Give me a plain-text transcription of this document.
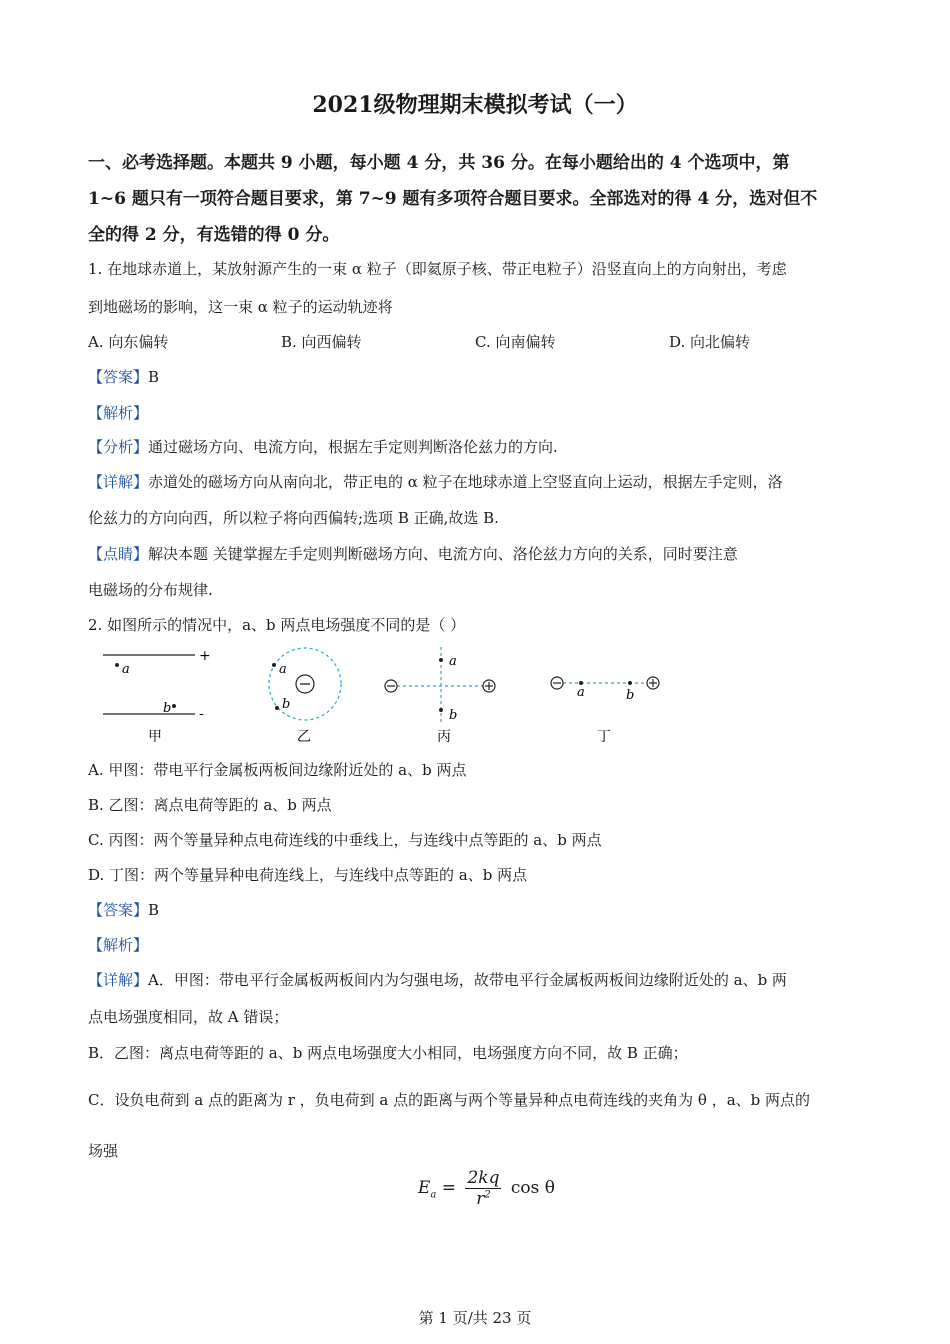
2021级物理期末模拟考试（一）
一、必考选择题。本题共 9 小题，每小题 4 分，共 36 分。在每小题给出的 4 个选项中，第
1~6 题只有一项符合题目要求，第 7~9 题有多项符合题目要求。全部选对的得 4 分，选对但不
全的得 2 分，有选错的得 0 分。
1. 在地球赤道上，某放射源产生的一束 α 粒子（即氦原子核、带正电粒子）沿竖直向上的方向射出，考虑
到地磁场的影响，这一束 α 粒子的运动轨迹将
A. 向东偏转	B. 向西偏转	C. 向南偏转	D. 向北偏转
【答案】B
【解析】
【分析】通过磁场方向、电流方向，根据左手定则判断洛伦兹力的方向.
【详解】赤道处的磁场方向从南向北，带正电的 α 粒子在地球赤道上空竖直向上运动，根据左手定则，洛
伦兹力的方向向西，所以粒子将向西偏转;选项 B 正确,故选 B.
【点睛】解决本题 关键掌握左手定则判断磁场方向、电流方向、洛伦兹力方向的关系，同时要注意
电磁场的分布规律.
2. 如图所示的情况中，a、b 两点电场强度不同的是（ ）
+
a
-
b
甲
a
b
乙
a
b
丙
a	b
丁
A. 甲图：带电平行金属板两板间边缘附近处的 a、b 两点
B. 乙图：离点电荷等距的 a、b 两点
C. 丙图：两个等量异种点电荷连线的中垂线上，与连线中点等距的 a、b 两点
D. 丁图：两个等量异种电荷连线上，与连线中点等距的 a、b 两点
【答案】B
【解析】
【详解】A．甲图：带电平行金属板两板间内为匀强电场，故带电平行金属板两板间边缘附近处的 a、b 两
点电场强度相同，故 A 错误；
B．乙图：离点电荷等距的 a、b 两点电场强度大小相同，电场强度方向不同，故 B 正确；
C．设负电荷到 a 点的距离为 r ，负电荷到 a 点的距离与两个等量异种点电荷连线的夹角为 θ ，a、b 两点的
场强
$E_a = \frac{2kq}{r^2}$ cos θ
第 1 页/共 23 页
